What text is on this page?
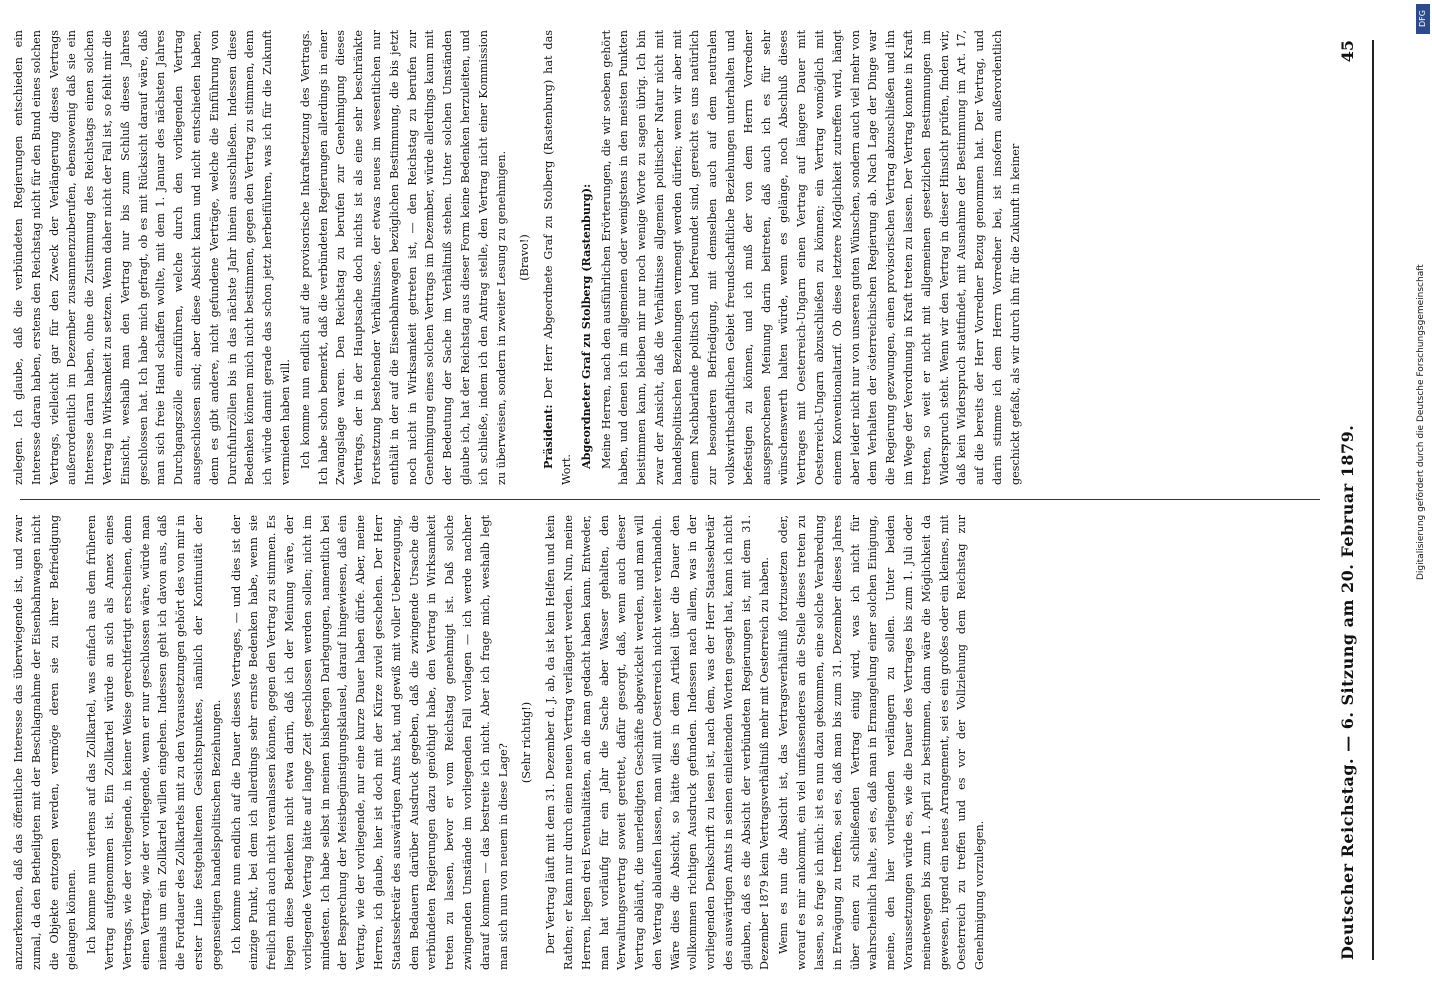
Deutscher Reichstag. — 6. Sitzung am 20. Februar 1879.
45

anzuerkennen, daß das öffentliche Interesse das überwiegende ist, und zwar zumal, da den Betheiligten mit der Beschlagnahme der Eisenbahnwagen nicht die Objekte entzogen werden, vermöge deren sie zu ihrer Befriedigung gelangen können. Ich komme nun viertens auf das Zollkartel, was einfach aus dem früheren Vertrag aufgenommen ist. Ein Zollkartel würde an sich als Annex eines Vertrags, wie der vorliegende, in keiner Weise gerechtfertigt erscheinen, denn einen Vertrag, wie der vorliegende, wenn er nur geschlossen wäre, würde man niemals um ein Zollkartel willen eingehen. Indessen geht ich davon aus, daß die Fortdauer des Zollkartels mit zu den Voraussetzungen gehört des von mir in erster Linie festgehaltenen Gesichtspunktes, nämlich der Kontinuität der gegenseitigen handelspolitischen Beziehungen. Ich komme nun endlich auf die Dauer dieses Vertrages, — und dies ist der einzige Punkt, bei dem ich allerdings sehr ernste Bedenken habe, wenn sie freilich mich auch nicht veranlassen können, gegen den Vertrag zu stimmen. Es liegen diese Bedenken nicht etwa darin, daß ich der Meinung wäre, der vorliegende Vertrag hätte auf lange Zeit geschlossen werden sollen; nicht im mindesten. Ich habe selbst in meinen bisherigen Darlegungen, namentlich bei der Besprechung der Meistbegünstigungsklausel, darauf hingewiesen, daß ein Vertrag, wie der vorliegende, nur eine kurze Dauer haben dürfe. Aber, meine Herren, ich glaube, hier ist doch mit der Kürze zuviel geschehen. Der Herr Staatssekretär des auswärtigen Amts hat, und gewiß mit voller Ueberzeugung, dem Bedauern darüber Ausdruck gegeben, daß die zwingende Ursache die verbündeten Regierungen dazu genöthigt habe, den Vertrag in Wirksamkeit treten zu lassen, bevor er vom Reichstag genehmigt ist. Daß solche zwingenden Umstände im vorliegenden Fall vorlagen — ich werde nachher darauf kommen — das bestreite ich nicht. Aber ich frage mich, weshalb legt man sich nun von neuem in diese Lage?

(Sehr richtig!) Der Vertrag läuft mit dem 31. Dezember d. J. ab, da ist kein Helfen und kein Rathen; er kann nur durch einen neuen Vertrag verlängert werden. Nun, meine Herren, liegen drei Eventualitäten, an die man gedacht haben kann. Entweder, man hat vorläufig für ein Jahr die Sache aber Wasser gehalten, den Verwaltungsvertrag soweit gerettet, dafür gesorgt, daß, wenn auch dieser Vertrag abläuft, die unerledigten Geschäfte abgewickelt werden, und man will den Vertrag ablaufen lassen, man will mit Oesterreich nicht weiter verhandeln. Wäre dies die Absicht, so hätte dies in dem Artikel über die Dauer den vollkommen richtigen Ausdruck gefunden. Indessen nach allem, was in der vorliegenden Denkschrift zu lesen ist, nach dem, was der Herr Staatssekretär des auswärtigen Amts in seinen einleitenden Worten gesagt hat, kann ich nicht glauben, daß es die Absicht der verbündeten Regierungen ist, mit dem 31. Dezember 1879 kein Vertragsverhältniß mehr mit Oesterreich zu haben. Wenn es nun die Absicht ist, das Vertragsverhältniß fortzusetzen oder, worauf es mir ankommt, ein viel umfassenderes an die Stelle dieses treten zu lassen, so frage ich mich: ist es nun dazu gekommen, eine solche Verabredung in Erwägung zu treffen, sei es, daß man bis zum 31. Dezember dieses Jahres über einen zu schließenden Vertrag einig wird, was ich nicht für wahrscheinlich halte, sei es, daß man in Ermangelung einer solchen Einigung, meine, den hier vorliegenden verlängern zu sollen. Unter beiden Voraussetzungen würde es, wie die Dauer des Vertrages bis zum 1. Juli oder meinetwegen bis zum 1. April zu bestimmen, dann wäre die Möglichkeit da gewesen, irgend ein neues Arrangement, sei es ein großes oder ein kleines, mit Oesterreich zu treffen und es vor der Vollziehung dem Reichstag zur Genehmigung vorzulegen.

zulegen. Ich glaube, daß die verbündeten Regierungen entschieden ein Interesse daran haben, erstens den Reichstag nicht für den Bund eines solchen Vertrags, vielleicht gar für den Zweck der Verlängerung dieses Vertrags außerordentlich im Dezember zusammenzuberufen, ebensowenig daß sie ein Interesse daran haben, ohne die Zustimmung des Reichstags einen solchen Vertrag in Wirksamkeit zu setzen. Wenn daher nicht der Fall ist, so fehlt mir die Einsicht, weshalb man den Vertrag nur bis zum Schluß dieses Jahres geschlossen hat. Ich habe mich gefragt, ob es mit Rücksicht darauf wäre, daß man sich freie Hand schaffen wollte, mit dem 1. Januar des nächsten Jahres Durchgangszölle einzuführen, welche durch den vorliegenden Vertrag ausgeschlossen sind; aber diese Absicht kann und nicht entschieden haben, denn es gibt andere, nicht gefundene Verträge, welche die Einführung von Durchfuhrzöllen bis in das nächste Jahr hinein ausschließen. Indessen diese Bedenken können mich nicht bestimmen, gegen den Vertrag zu stimmen, denn ich würde damit gerade das schon jetzt herbeiführen, was ich für die Zukunft vermieden haben will. Ich komme nun endlich auf die provisorische Inkraftsetzung des Vertrags. Ich habe schon bemerkt, daß die verbündeten Regierungen allerdings in einer Zwangslage waren. Den Reichstag zu berufen zur Genehmigung dieses Vertrags, der in der Hauptsache doch nichts ist als eine sehr beschränkte Fortsetzung bestehender Verhältnisse, der etwas neues im wesentlichen nur enthält in der auf die Eisenbahnwagen bezüglichen Bestimmung, die bis jetzt noch nicht in Wirksamkeit getreten ist, — den Reichstag zu berufen zur Genehmigung eines solchen Vertrags im Dezember, würde allerdings kaum mit der Bedeutung der Sache im Verhältniß stehen. Unter solchen Umständen glaube ich, hat der Reichstag aus dieser Form keine Bedenken herzuleiten, und ich schließe, indem ich den Antrag stelle, den Vertrag nicht einer Kommission zu überweisen, sondern in zweiter Lesung zu genehmigen. (Bravo!)

Präsident: Der Herr Abgeordnete Graf zu Stolberg (Rastenburg) hat das Wort.

Abgeordneter Graf zu Stolberg (Rastenburg): Meine Herren, nach den ausführlichen Erörterungen, die wir soeben gehört haben, und denen ich im allgemeinen oder wenigstens in den meisten Punkten beistimmen kann, bleiben mir nur noch wenige Worte zu sagen übrig. Ich bin zwar der Ansicht, daß die Verhältnisse allgemein politischer Natur nicht mit handelspolitischen Beziehungen vermengt werden dürfen; wenn wir aber mit einem Nachbarlande politisch und befreundet sind, gereicht es uns natürlich zur besonderen Befriedigung, mit demselben auch auf dem neutralen volkswirthschaftlichen Gebiet freundschaftliche Beziehungen unterhalten und befestigen zu können, und ich muß der von dem Herrn Vorredner ausgesprochenen Meinung darin beitreten, daß auch ich es für sehr wünschenswerth halten würde, wenn es gelänge, noch Abschluß dieses Vertrages mit Oesterreich-Ungarn einen Vertrag auf längere Dauer mit Oesterreich-Ungarn abzuschließen zu können; ein Vertrag womöglich mit einem Konventionaltarif. Ob diese letztere Möglichkeit zutreffen wird, hängt aber leider nicht nur von unseren guten Wünschen, sondern auch viel mehr von dem Verhalten der österreichischen Regierung ab. Nach Lage der Dinge war die Regierung gezwungen, einen provisorischen Vertrag abzuschließen und ihn im Wege der Verordnung in Kraft treten zu lassen. Der Vertrag konnte in Kraft treten, so weit er nicht mit allgemeinen gesetzlichen Bestimmungen im Widerspruch steht. Wenn wir den Vertrag in dieser Hinsicht prüfen, finden wir, daß kein Widerspruch stattfindet, mit Ausnahme der Bestimmung im Art. 17, auf die bereits der Herr Vorredner Bezug genommen hat. Der Vertrag, und darin stimme ich dem Herrn Vorredner bei, ist insofern außerordentlich geschickt gefaßt, als wir durch ihn für die Zukunft in keiner

DFG
Digitalisierung gefördert durch die Deutsche Forschungsgemeinschaft
